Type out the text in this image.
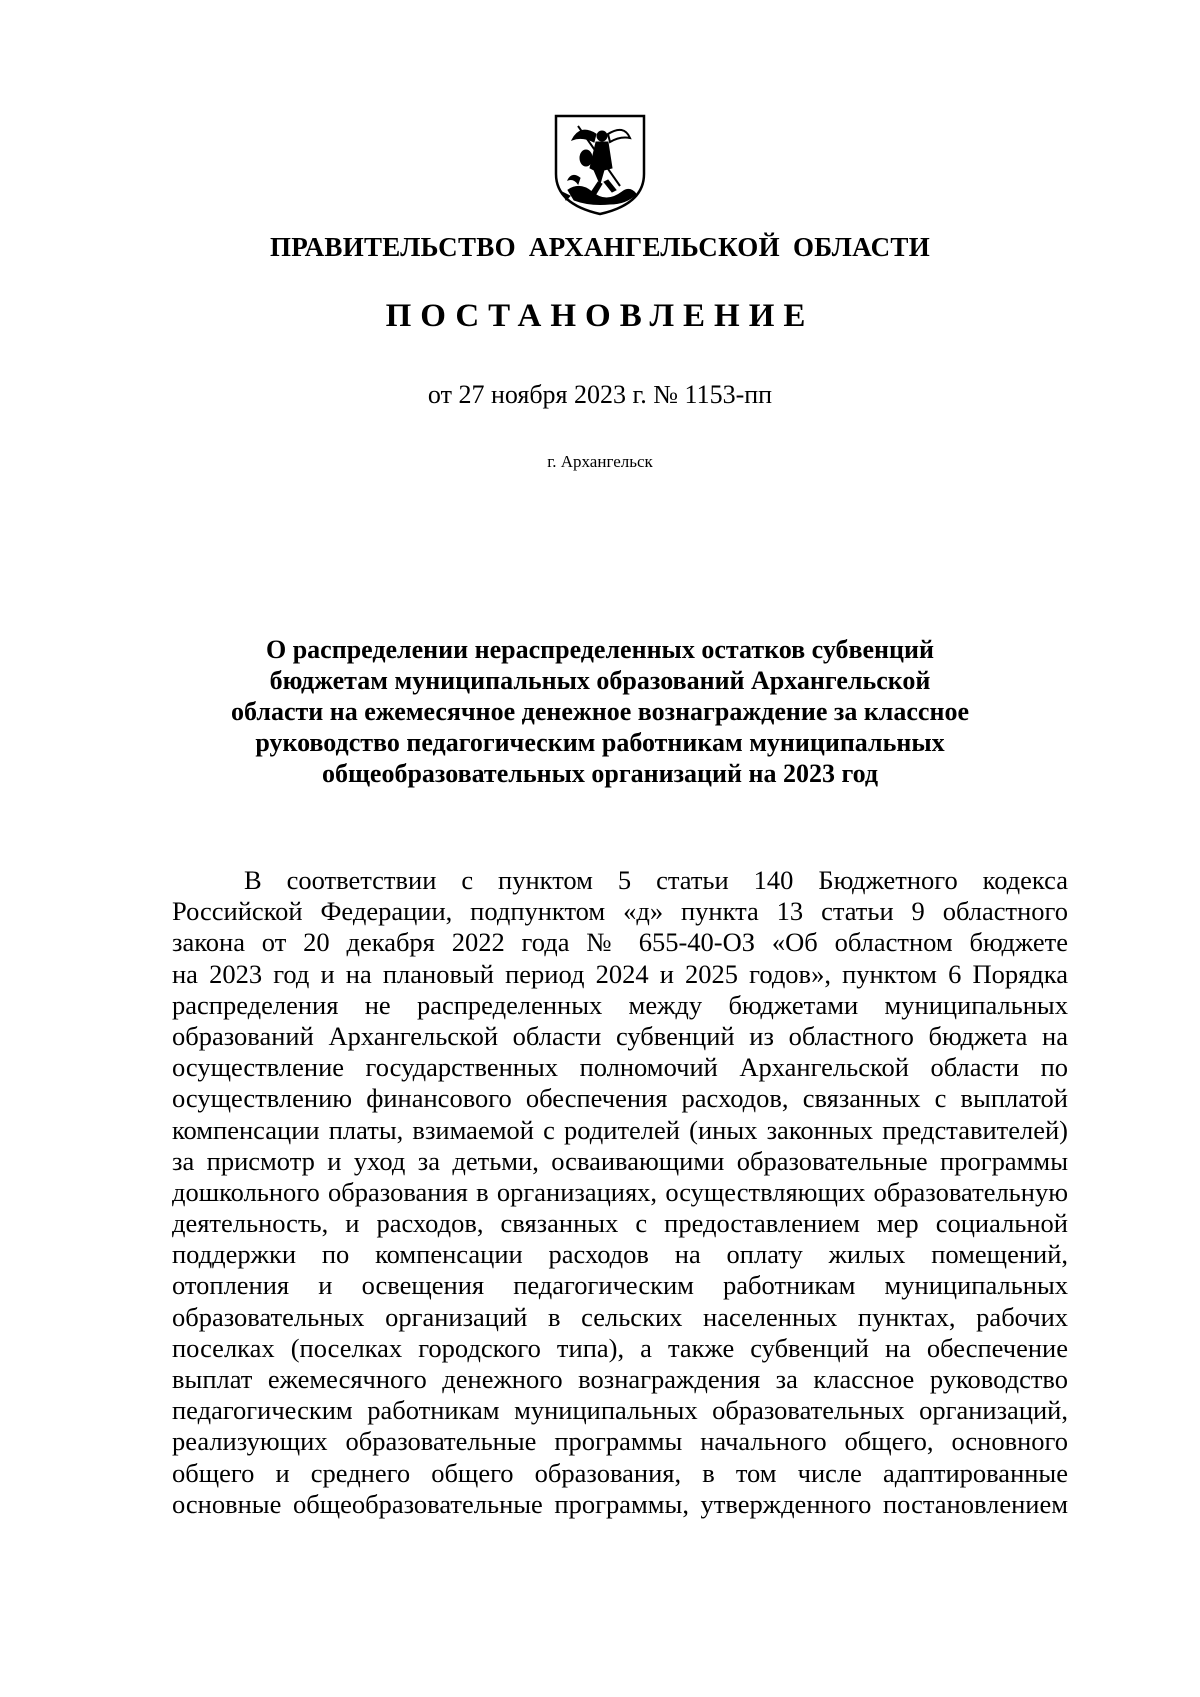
ПРАВИТЕЛЬСТВО АРХАНГЕЛЬСКОЙ ОБЛАСТИ
ПОСТАНОВЛЕНИЕ
от 27 ноября 2023 г. № 1153-пп
г. Архангельск
О распределении нераспределенных остатков субвенций
бюджетам муниципальных образований Архангельской
области на ежемесячное денежное вознаграждение за классное
руководство педагогическим работникам муниципальных
общеобразовательных организаций на 2023 год
В соответствии с пунктом 5 статьи 140 Бюджетного кодекса
Российской Федерации, подпунктом «д» пункта 13 статьи 9 областного
закона от 20 декабря 2022 года № 655-40-ОЗ «Об областном бюджете
на 2023 год и на плановый период 2024 и 2025 годов», пунктом 6 Порядка
распределения не распределенных между бюджетами муниципальных
образований Архангельской области субвенций из областного бюджета на
осуществление государственных полномочий Архангельской области по
осуществлению финансового обеспечения расходов, связанных с выплатой
компенсации платы, взимаемой с родителей (иных законных представителей)
за присмотр и уход за детьми, осваивающими образовательные программы
дошкольного образования в организациях, осуществляющих образовательную
деятельность, и расходов, связанных с предоставлением мер социальной
поддержки по компенсации расходов на оплату жилых помещений,
отопления и освещения педагогическим работникам муниципальных
образовательных организаций в сельских населенных пунктах, рабочих
поселках (поселках городского типа), а также субвенций на обеспечение
выплат ежемесячного денежного вознаграждения за классное руководство
педагогическим работникам муниципальных образовательных организаций,
реализующих образовательные программы начального общего, основного
общего и среднего общего образования, в том числе адаптированные
основные общеобразовательные программы, утвержденного постановлением
